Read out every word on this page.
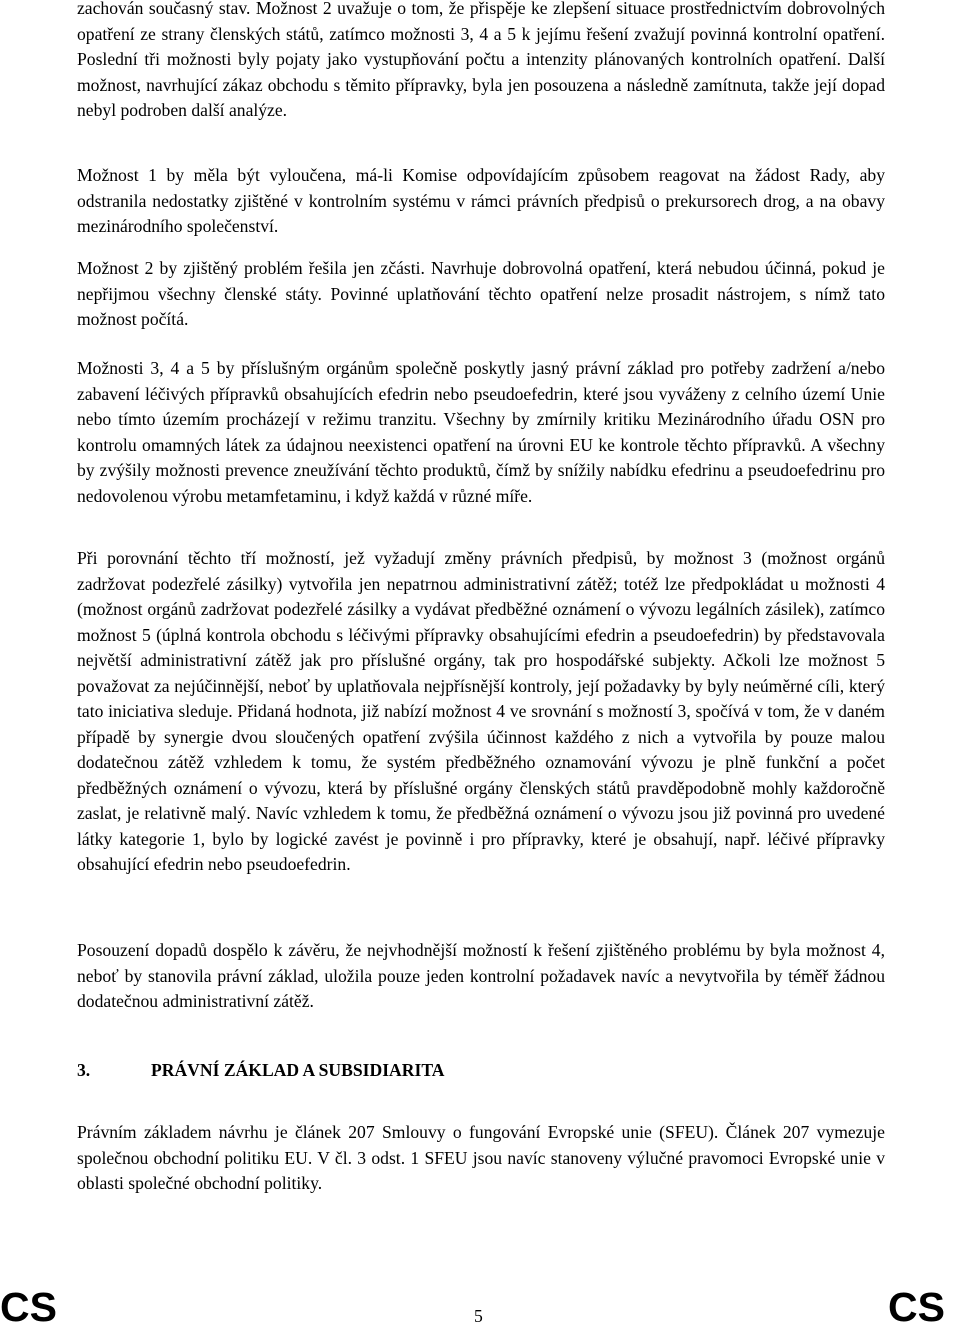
zachován současný stav. Možnost 2 uvažuje o tom, že přispěje ke zlepšení situace prostřednictvím dobrovolných opatření ze strany členských států, zatímco možnosti 3, 4 a 5 k jejímu řešení zvažují povinná kontrolní opatření. Poslední tři možnosti byly pojaty jako vystupňování počtu a intenzity plánovaných kontrolních opatření. Další možnost, navrhující zákaz obchodu s těmito přípravky, byla jen posouzena a následně zamítnuta, takže její dopad nebyl podroben další analýze.

Možnost 1 by měla být vyloučena, má-li Komise odpovídajícím způsobem reagovat na žádost Rady, aby odstranila nedostatky zjištěné v kontrolním systému v rámci právních předpisů o prekursorech drog, a na obavy mezinárodního společenství.

Možnost 2 by zjištěný problém řešila jen zčásti. Navrhuje dobrovolná opatření, která nebudou účinná, pokud je nepřijmou všechny členské státy. Povinné uplatňování těchto opatření nelze prosadit nástrojem, s nímž tato možnost počítá.

Možnosti 3, 4 a 5 by příslušným orgánům společně poskytly jasný právní základ pro potřeby zadržení a/nebo zabavení léčivých přípravků obsahujících efedrin nebo pseudoefedrin, které jsou vyváženy z celního území Unie nebo tímto územím procházejí v režimu tranzitu. Všechny by zmírnily kritiku Mezinárodního úřadu OSN pro kontrolu omamných látek za údajnou neexistenci opatření na úrovni EU ke kontrole těchto přípravků. A všechny by zvýšily možnosti prevence zneužívání těchto produktů, čímž by snížily nabídku efedrinu a pseudoefedrinu pro nedovolenou výrobu metamfetaminu, i když každá v různé míře.

Při porovnání těchto tří možností, jež vyžadují změny právních předpisů, by možnost 3 (možnost orgánů zadržovat podezřelé zásilky) vytvořila jen nepatrnou administrativní zátěž; totéž lze předpokládat u možnosti 4 (možnost orgánů zadržovat podezřelé zásilky a vydávat předběžné oznámení o vývozu legálních zásilek), zatímco možnost 5 (úplná kontrola obchodu s léčivými přípravky obsahujícími efedrin a pseudoefedrin) by představovala největší administrativní zátěž jak pro příslušné orgány, tak pro hospodářské subjekty. Ačkoli lze možnost 5 považovat za nejúčinnější, neboť by uplatňovala nejpřísnější kontroly, její požadavky by byly neúměrné cíli, který tato iniciativa sleduje. Přidaná hodnota, již nabízí možnost 4 ve srovnání s možností 3, spočívá v tom, že v daném případě by synergie dvou sloučených opatření zvýšila účinnost každého z nich a vytvořila by pouze malou dodatečnou zátěž vzhledem k tomu, že systém předběžného oznamování vývozu je plně funkční a počet předběžných oznámení o vývozu, která by příslušné orgány členských států pravděpodobně mohly každoročně zaslat, je relativně malý. Navíc vzhledem k tomu, že předběžná oznámení o vývozu jsou již povinná pro uvedené látky kategorie 1, bylo by logické zavést je povinně i pro přípravky, které je obsahují, např. léčivé přípravky obsahující efedrin nebo pseudoefedrin.

Posouzení dopadů dospělo k závěru, že nejvhodnější možností k řešení zjištěného problému by byla možnost 4, neboť by stanovila právní základ, uložila pouze jeden kontrolní požadavek navíc a nevytvořila by téměř žádnou dodatečnou administrativní zátěž.

3.	PRÁVNÍ ZÁKLAD A SUBSIDIARITA

Právním základem návrhu je článek 207 Smlouvy o fungování Evropské unie (SFEU). Článek 207 vymezuje společnou obchodní politiku EU. V čl. 3 odst. 1 SFEU jsou navíc stanoveny výlučné pravomoci Evropské unie v oblasti společné obchodní politiky.

CS	5	CS
